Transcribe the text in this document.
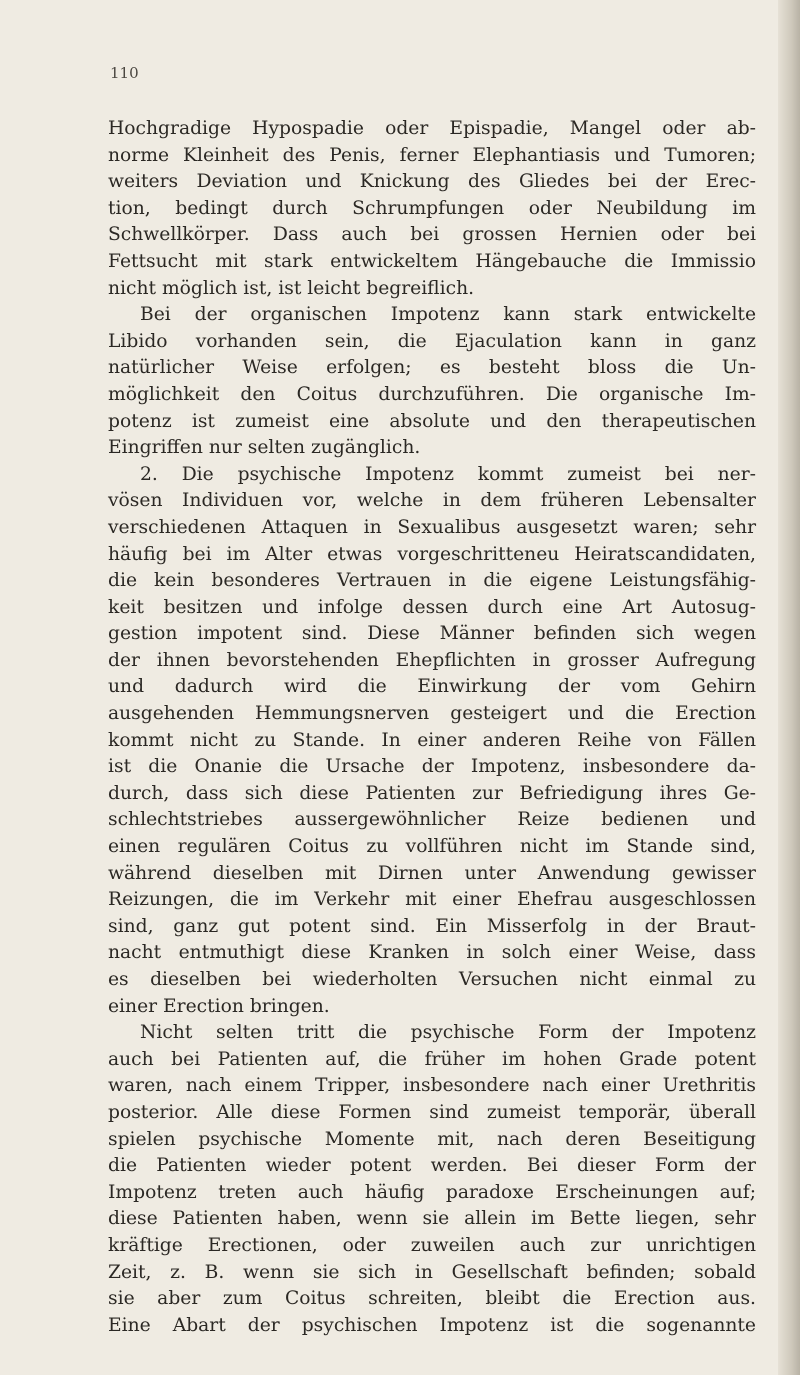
110
Hochgradige Hypospadie oder Epispadie, Mangel oder ab-
norme Kleinheit des Penis, ferner Elephantiasis und Tumoren;
weiters Deviation und Knickung des Gliedes bei der Erec-
tion, bedingt durch Schrumpfungen oder Neubildung im
Schwellkörper. Dass auch bei grossen Hernien oder bei
Fettsucht mit stark entwickeltem Hängebauche die Immissio
nicht möglich ist, ist leicht begreiflich.
Bei der organischen Impotenz kann stark entwickelte
Libido vorhanden sein, die Ejaculation kann in ganz
natürlicher Weise erfolgen; es besteht bloss die Un-
möglichkeit den Coitus durchzuführen. Die organische Im-
potenz ist zumeist eine absolute und den therapeutischen
Eingriffen nur selten zugänglich.
2. Die psychische Impotenz kommt zumeist bei ner-
vösen Individuen vor, welche in dem früheren Lebensalter
verschiedenen Attaquen in Sexualibus ausgesetzt waren; sehr
häufig bei im Alter etwas vorgeschritteneu Heiratscandidaten,
die kein besonderes Vertrauen in die eigene Leistungsfähig-
keit besitzen und infolge dessen durch eine Art Autosug-
gestion impotent sind. Diese Männer befinden sich wegen
der ihnen bevorstehenden Ehepflichten in grosser Aufregung
und dadurch wird die Einwirkung der vom Gehirn
ausgehenden Hemmungsnerven gesteigert und die Erection
kommt nicht zu Stande. In einer anderen Reihe von Fällen
ist die Onanie die Ursache der Impotenz, insbesondere da-
durch, dass sich diese Patienten zur Befriedigung ihres Ge-
schlechtstriebes aussergewöhnlicher Reize bedienen und
einen regulären Coitus zu vollführen nicht im Stande sind,
während dieselben mit Dirnen unter Anwendung gewisser
Reizungen, die im Verkehr mit einer Ehefrau ausgeschlossen
sind, ganz gut potent sind. Ein Misserfolg in der Braut-
nacht entmuthigt diese Kranken in solch einer Weise, dass
es dieselben bei wiederholten Versuchen nicht einmal zu
einer Erection bringen.
Nicht selten tritt die psychische Form der Impotenz
auch bei Patienten auf, die früher im hohen Grade potent
waren, nach einem Tripper, insbesondere nach einer Urethritis
posterior. Alle diese Formen sind zumeist temporär, überall
spielen psychische Momente mit, nach deren Beseitigung
die Patienten wieder potent werden. Bei dieser Form der
Impotenz treten auch häufig paradoxe Erscheinungen auf;
diese Patienten haben, wenn sie allein im Bette liegen, sehr
kräftige Erectionen, oder zuweilen auch zur unrichtigen
Zeit, z. B. wenn sie sich in Gesellschaft befinden; sobald
sie aber zum Coitus schreiten, bleibt die Erection aus.
Eine Abart der psychischen Impotenz ist die sogenannte
